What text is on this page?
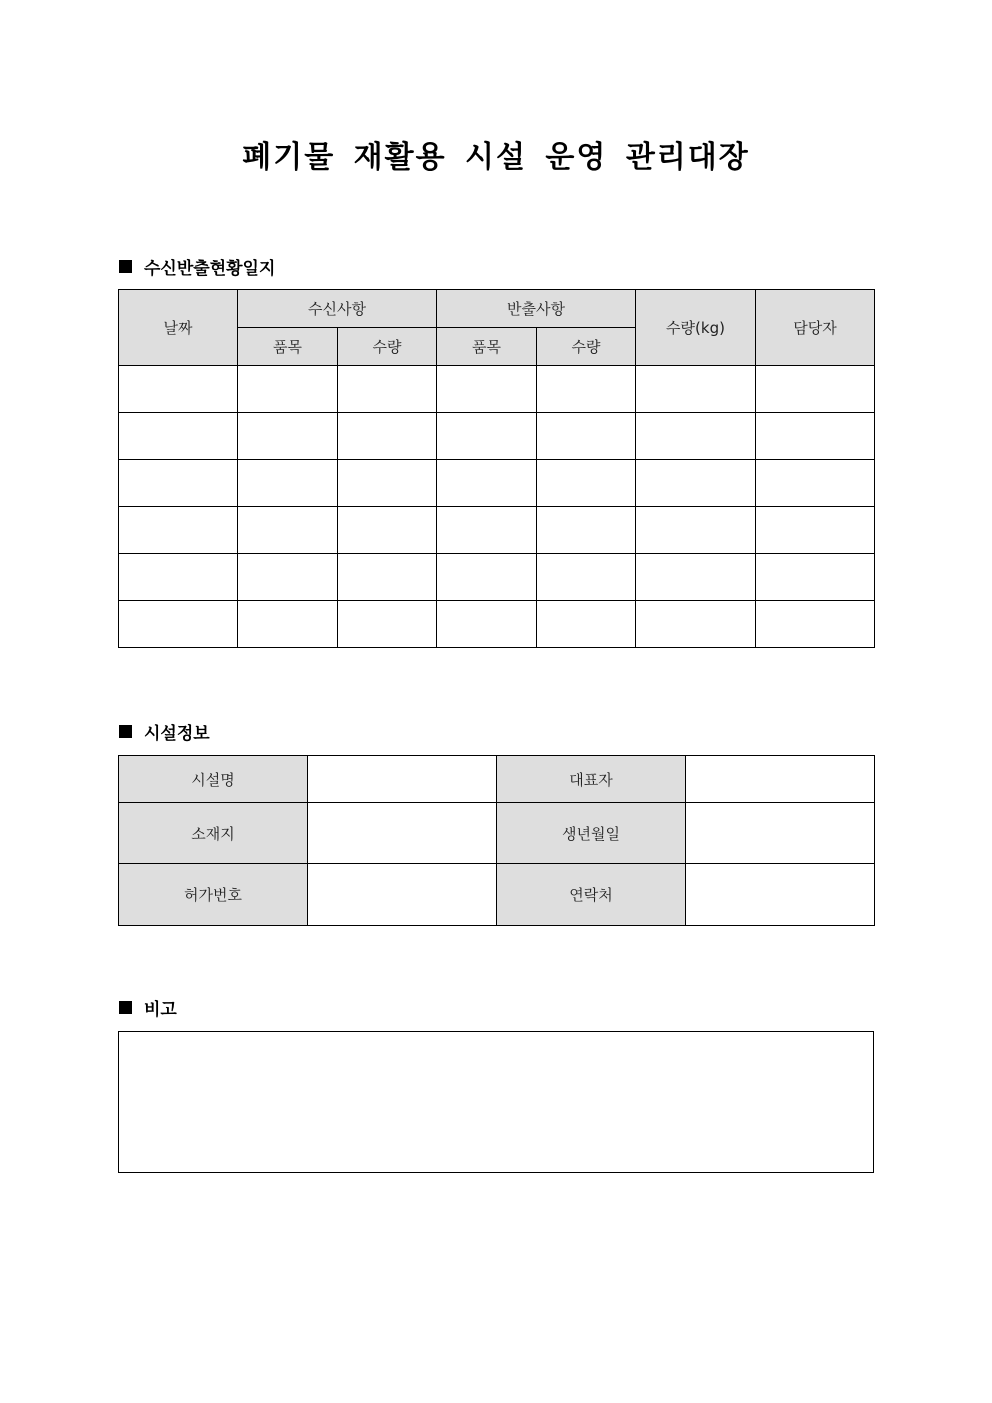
폐기물 재활용 시설 운영 관리대장
수신반출현황일지
날짜	수신사항		반출사항		수량(kg)	담당자
	품목	수량	품목	수량		

시설정보
시설명		대표자	
소재지		생년월일	
허가번호		연락처	
비고
